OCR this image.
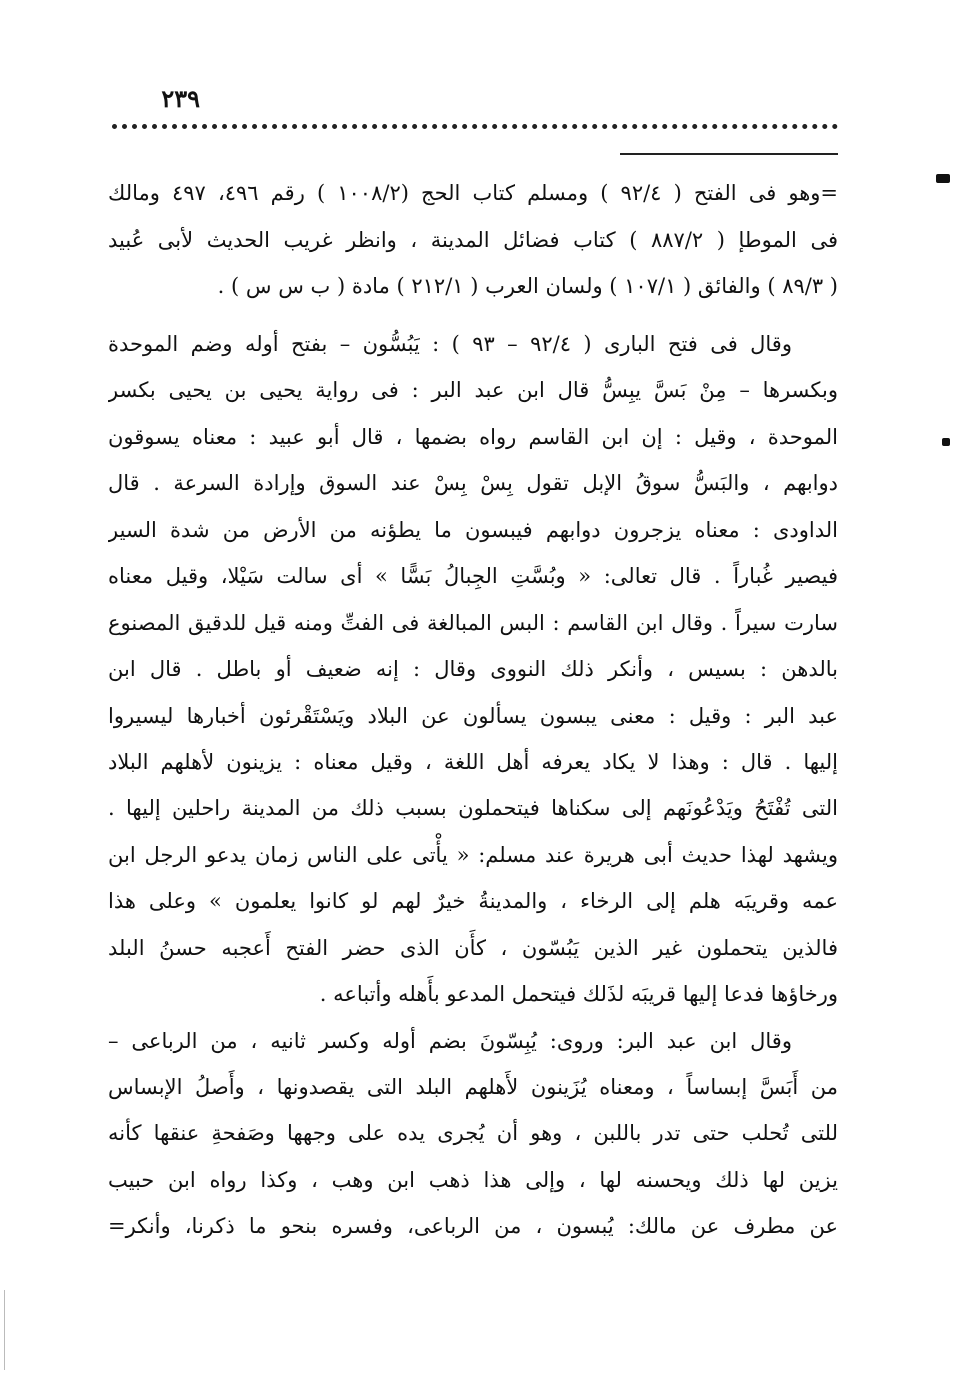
٢٣٩
=وهو فى الفتح ( ٩٢/٤ ) ومسلم كتاب الحج (١٠٠٨/٢ ) رقم ٤٩٦، ٤٩٧ ومالك
فى الموطإ ( ٨٨٧/٢ ) كتاب فضائل المدينة ، وانظر غريب الحديث لأبى عُبيد
( ٨٩/٣ ) والفائق ( ١٠٧/١ ) ولسان العرب ( ٢١٢/١ ) مادة ( ب س س ) .
وقال فى فتح البارى ( ٩٢/٤ – ٩٣ ) : يَبُسُّون – بفتح أوله وضم الموحدة
وبكسرها – مِنْ بَسَّ يبِسُّ قال ابن عبد البر : فى رواية يحيى بن يحيى بكسر
الموحدة ، وقيل : إن ابن القاسم رواه بضمها ، قال أبو عبيد : معناه يسوقون
دوابهم ، والبَسُّ سوقُ الإبل تقول بِسْ بِسْ عند السوق وإرادة السرعة . قال
الداودى : معناه يزجرون دوابهم فيبسون ما يطؤنه من الأرض من شدة السير
فيصير غُباراً . قال تعالى: « وبُسَّتِ الجِبالُ بَسًّا » أى سالت سَيْلا، وقيل معناه
سارت سيراً . وقال ابن القاسم : البس المبالغة فى الفتِّ ومنه قيل للدقيق المصنوع
بالدهن : بسيس ، وأنكر ذلك النووى وقال : إنه ضعيف أو باطل . قال ابن
عبد البر : وقيل : معنى يبسون يسألون عن البلاد ويَسْتَقْرئون أخبارها ليسيروا
إليها . قال : وهذا لا يكاد يعرفه أهل اللغة ، وقيل معناه : يزينون لأهلهم البلاد
التى تُفْتَحُ ويَدْعُونَهم إلى سكناها فيتحملون بسبب ذلك من المدينة راحلين إليها .
ويشهد لهذا حديث أبى هريرة عند مسلم: « يأْتى على الناس زمان يدعو الرجل ابن
عمه وقريبَه هلم إلى الرخاء ، والمدينةُ خيرٌ لهم لو كانوا يعلمون » وعلى هذا
فالذين يتحملون غير الذين يَبُسّون ، كأَن الذى حضر الفتح أَعجبه حسنُ البلد
ورخاؤها فدعا إليها قريبَه لذَلك فيتحمل المدعو بأَهله وأتباعه .
وقال ابن عبد البر: وروى: يُبِسّونَ بضم أوله وكسر ثانيه ، من الرباعى –
من أَبَسَّ إبساساً ، ومعناه يُزَينون لأَهلهم البلد التى يقصدونها ، وأَصلُ الإبساس
للتى تُحلب حتى تدر باللبن ، وهو أن يُجرى يده على وجهها وصَفحةِ عنقها كأنه
يزين لها ذلك ويحسنه لها ، وإلى هذا ذهب ابن وهب ، وكذا رواه ابن حبيب
عن مطرف عن مالك: يُبسون ، من الرباعى، وفسره بنحو ما ذكرنا، وأنكر=
